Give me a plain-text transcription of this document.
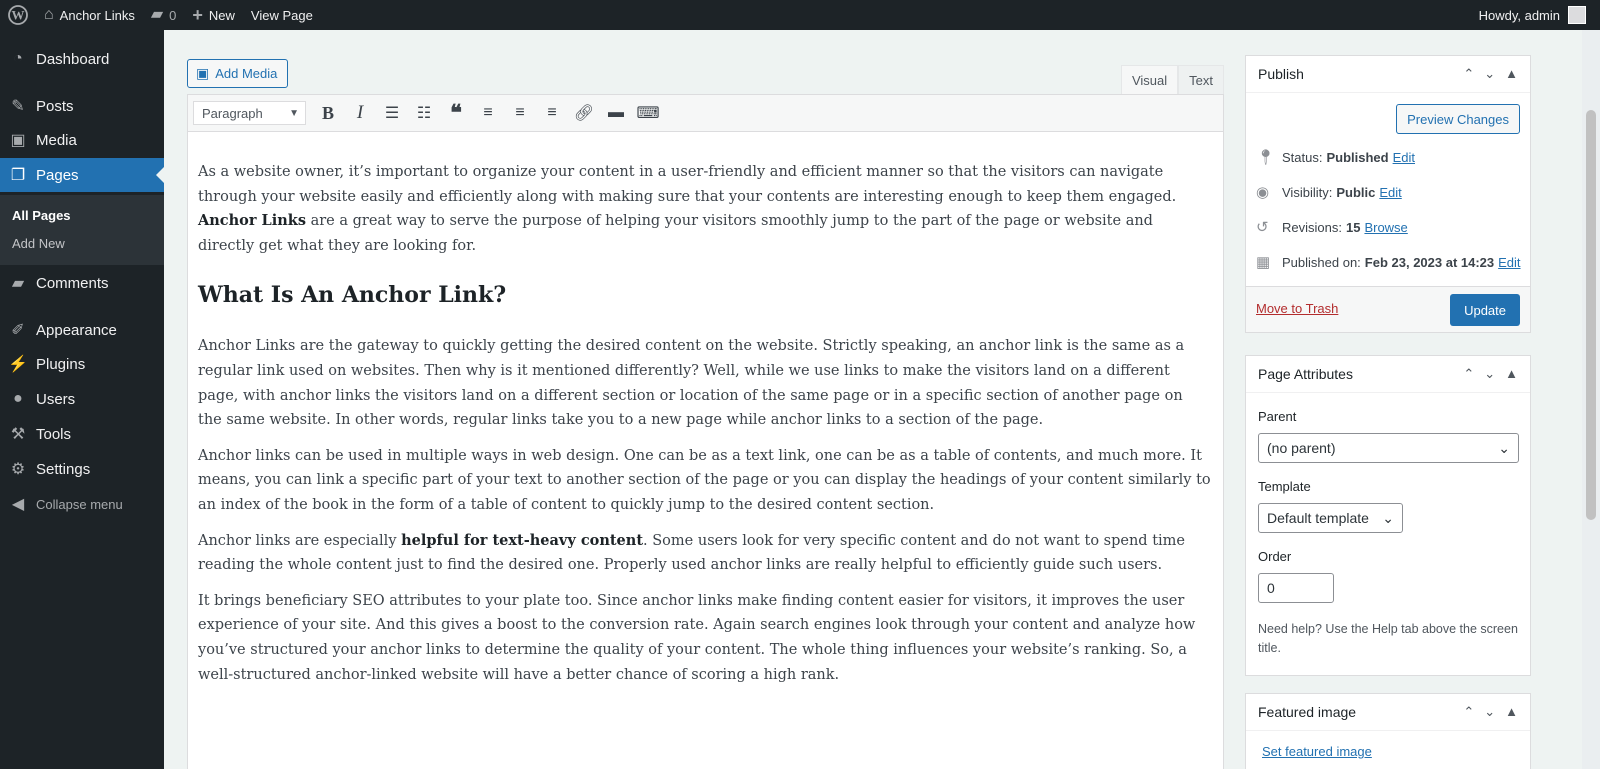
W ⌂ Anchor Links ▰ 0 + New View Page	Howdy, admin
◔ Dashboard
✎ Posts
▣ Media
❐ Pages
All Pages
Add New
▰ Comments
✐ Appearance
⚡ Plugins
● Users
⚒ Tools
⚙ Settings
◀ Collapse menu
▣ Add Media	Visual	Text
Paragraph	▼	B	I	☰ ☷ ❝ ≡ ≡ ≡ 🔗︎ ▬ ⌨

As a website owner, it’s important to organize your content in a user-friendly and efficient manner so that the visitors can navigate through your website easily and efficiently along with making sure that your contents are interesting enough to keep them engaged. Anchor Links are a great way to serve the purpose of helping your visitors smoothly jump to the part of the page or website and directly get what they are looking for.

What Is An Anchor Link?

Anchor Links are the gateway to quickly getting the desired content on the website. Strictly speaking, an anchor link is the same as a regular link used on websites. Then why is it mentioned differently? Well, while we use links to make the visitors land on a different page, with anchor links the visitors land on a different section or location of the same page or in a specific section of another page on the same website. In other words, regular links take you to a new page while anchor links to a section of the page.

Anchor links can be used in multiple ways in web design. One can be as a text link, one can be as a table of contents, and much more. It means, you can link a specific part of your text to another section of the page or you can display the headings of your content similarly to an index of the book in the form of a table of content to quickly jump to the desired content section.

Anchor links are especially helpful for text-heavy content. Some users look for very specific content and do not want to spend time reading the whole content just to find the desired one. Properly used anchor links are really helpful to efficiently guide such users.

It brings beneficiary SEO attributes to your plate too. Since anchor links make finding content easier for visitors, it improves the user experience of your site. And this gives a boost to the conversion rate. Again search engines look through your content and analyze how you’ve structured your anchor links to determine the quality of your content. The whole thing influences your website’s ranking. So, a well-structured anchor-linked website will have a better chance of scoring a high rank.

Publish	⌃ ⌄ ▲
Preview Changes
📍︎ Status: Published Edit
◉ Visibility: Public Edit
↺	Revisions: 15 Browse
▦ Published on: Feb 23, 2023 at 14:23 Edit
Move to Trash	Update
Page Attributes	⌃ ⌄ ▲
Parent
(no parent)	⌄
Template
Default template ⌄
Order
0
Need help? Use the Help tab above the screen title.
Featured image	⌃ ⌄ ▲
Set featured image
